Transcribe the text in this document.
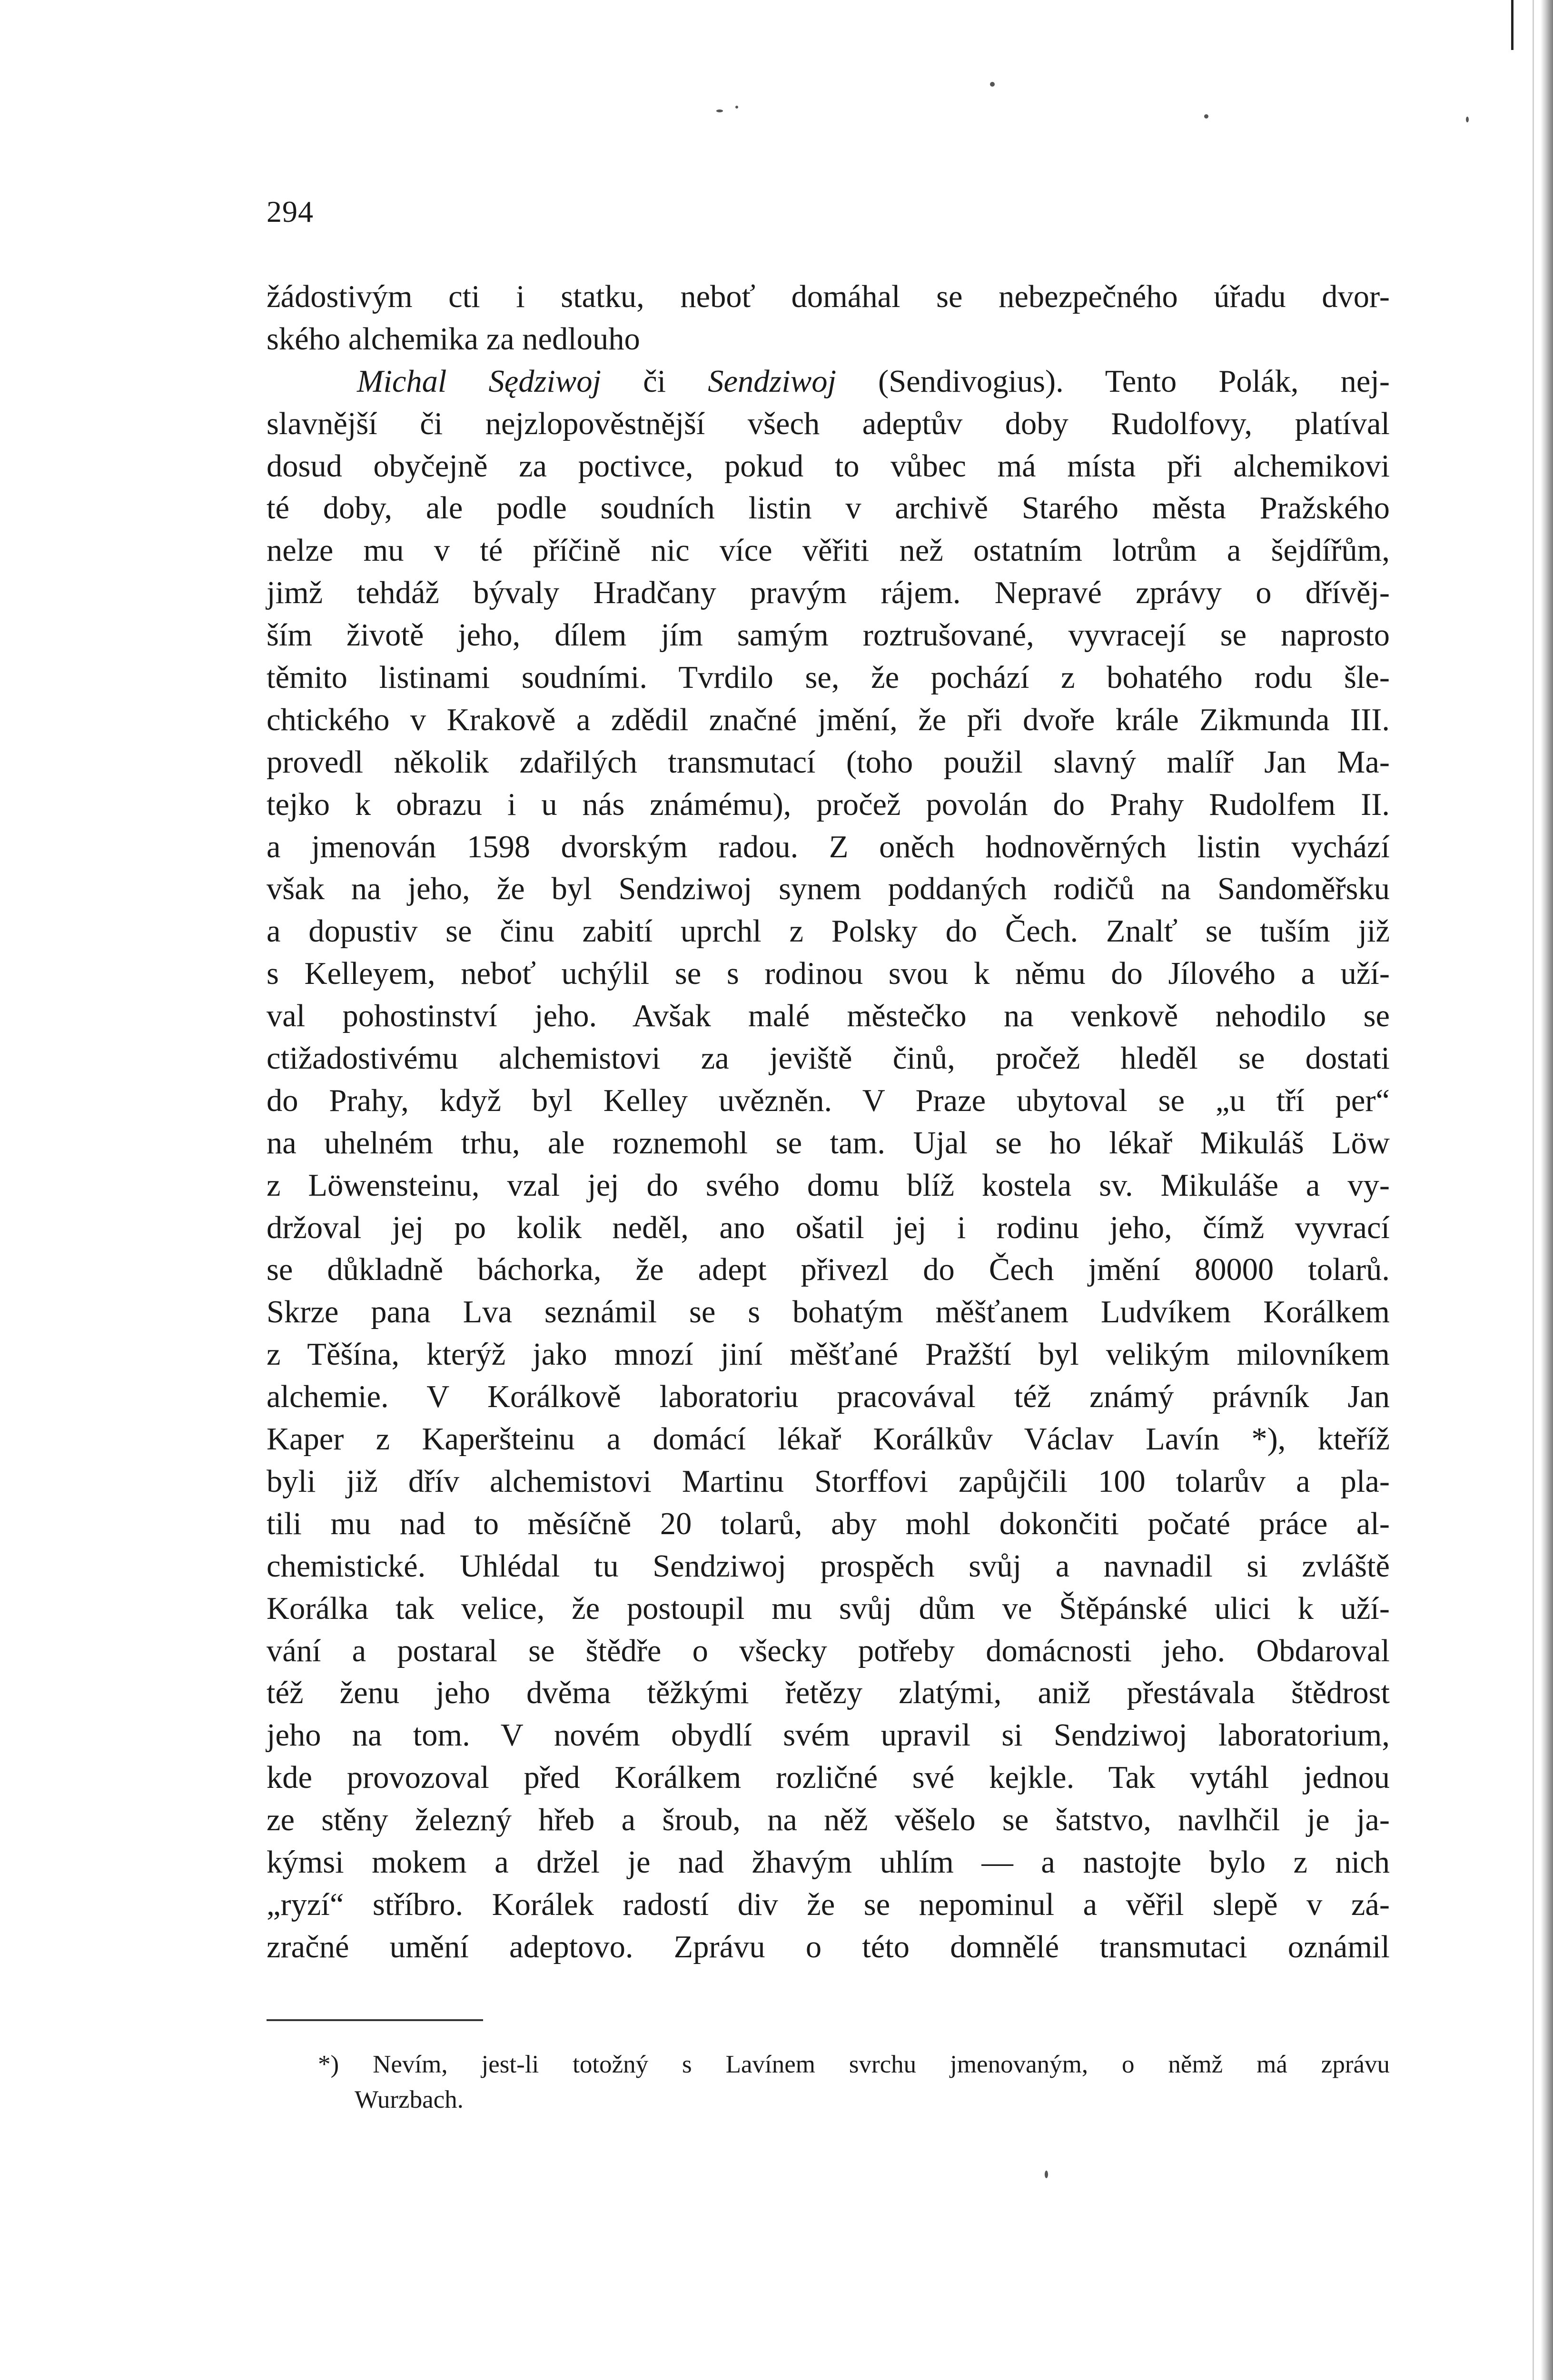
294
žádostivým cti i statku, neboť domáhal se nebezpečného úřadu dvor-
ského alchemika za nedlouho
Michal Sędziwoj či Sendziwoj (Sendivogius). Tento Polák, nej-
slavnější či nejzlopověstnější všech adeptův doby Rudolfovy, platíval
dosud obyčejně za poctivce, pokud to vůbec má místa při alchemikovi
té doby, ale podle soudních listin v archivě Starého města Pražského
nelze mu v té příčině nic více věřiti než ostatním lotrům a šejdířům,
jimž tehdáž bývaly Hradčany pravým rájem. Nepravé zprávy o dřívěj-
ším životě jeho, dílem jím samým roztrušované, vyvracejí se naprosto
těmito listinami soudními. Tvrdilo se, že pochází z bohatého rodu šle-
chtického v Krakově a zdědil značné jmění, že při dvoře krále Zikmunda III.
provedl několik zdařilých transmutací (toho použil slavný malíř Jan Ma-
tejko k obrazu i u nás známému), pročež povolán do Prahy Rudolfem II.
a jmenován 1598 dvorským radou. Z oněch hodnověrných listin vychází
však na jeho, že byl Sendziwoj synem poddaných rodičů na Sandoměřsku
a dopustiv se činu zabití uprchl z Polsky do Čech. Znalť se tuším již
s Kelleyem, neboť uchýlil se s rodinou svou k němu do Jílového a uží-
val pohostinství jeho. Avšak malé městečko na venkově nehodilo se
ctižadostivému alchemistovi za jeviště činů, pročež hleděl se dostati
do Prahy, když byl Kelley uvězněn. V Praze ubytoval se „u tří per“
na uhelném trhu, ale roznemohl se tam. Ujal se ho lékař Mikuláš Löw
z Löwensteinu, vzal jej do svého domu blíž kostela sv. Mikuláše a vy-
držoval jej po kolik neděl, ano ošatil jej i rodinu jeho, čímž vyvrací
se důkladně báchorka, že adept přivezl do Čech jmění 80000 tolarů.
Skrze pana Lva seznámil se s bohatým měšťanem Ludvíkem Korálkem
z Těšína, kterýž jako mnozí jiní měšťané Pražští byl velikým milovníkem
alchemie. V Korálkově laboratoriu pracovával též známý právník Jan
Kaper z Kaperšteinu a domácí lékař Korálkův Václav Lavín *), kteříž
byli již dřív alchemistovi Martinu Storffovi zapůjčili 100 tolarův a pla-
tili mu nad to měsíčně 20 tolarů, aby mohl dokončiti počaté práce al-
chemistické. Uhlédal tu Sendziwoj prospěch svůj a navnadil si zvláště
Korálka tak velice, že postoupil mu svůj dům ve Štěpánské ulici k uží-
vání a postaral se štědře o všecky potřeby domácnosti jeho. Obdaroval
též ženu jeho dvěma těžkými řetězy zlatými, aniž přestávala štědrost
jeho na tom. V novém obydlí svém upravil si Sendziwoj laboratorium,
kde provozoval před Korálkem rozličné své kejkle. Tak vytáhl jednou
ze stěny železný hřeb a šroub, na něž věšelo se šatstvo, navlhčil je ja-
kýmsi mokem a držel je nad žhavým uhlím — a nastojte bylo z nich
„ryzí“ stříbro. Korálek radostí div že se nepominul a věřil slepě v zá-
zračné umění adeptovo. Zprávu o této domnělé transmutaci oznámil
*) Nevím, jest-li totožný s Lavínem svrchu jmenovaným, o němž má zprávu
Wurzbach.
